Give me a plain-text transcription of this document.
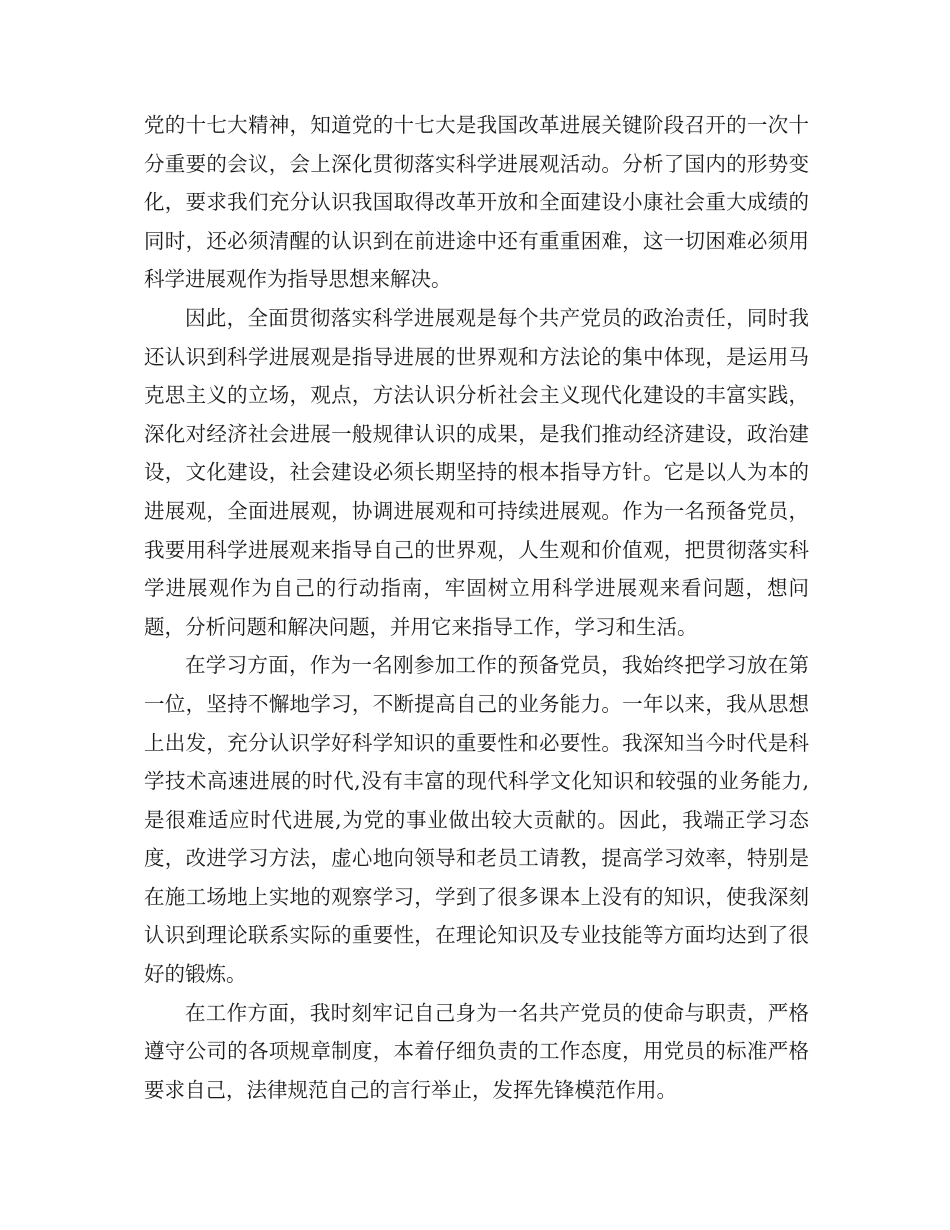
党的十七大精神，知道党的十七大是我国改革进展关键阶段召开的一次十分重要的会议，会上深化贯彻落实科学进展观活动。分析了国内的形势变化，要求我们充分认识我国取得改革开放和全面建设小康社会重大成绩的同时，还必须清醒的认识到在前进途中还有重重困难，这一切困难必须用科学进展观作为指导思想来解决。

因此，全面贯彻落实科学进展观是每个共产党员的政治责任，同时我还认识到科学进展观是指导进展的世界观和方法论的集中体现，是运用马克思主义的立场，观点，方法认识分析社会主义现代化建设的丰富实践，深化对经济社会进展一般规律认识的成果，是我们推动经济建设，政治建设，文化建设，社会建设必须长期坚持的根本指导方针。它是以人为本的进展观，全面进展观，协调进展观和可持续进展观。作为一名预备党员，我要用科学进展观来指导自己的世界观，人生观和价值观，把贯彻落实科学进展观作为自己的行动指南，牢固树立用科学进展观来看问题，想问题，分析问题和解决问题，并用它来指导工作，学习和生活。

在学习方面，作为一名刚参加工作的预备党员，我始终把学习放在第一位，坚持不懈地学习，不断提高自己的业务能力。一年以来，我从思想上出发，充分认识学好科学知识的重要性和必要性。我深知当今时代是科学技术高速进展的时代,没有丰富的现代科学文化知识和较强的业务能力,是很难适应时代进展,为党的事业做出较大贡献的。因此，我端正学习态度，改进学习方法，虚心地向领导和老员工请教，提高学习效率，特别是在施工场地上实地的观察学习，学到了很多课本上没有的知识，使我深刻认识到理论联系实际的重要性，在理论知识及专业技能等方面均达到了很好的锻炼。

在工作方面，我时刻牢记自己身为一名共产党员的使命与职责，严格遵守公司的各项规章制度，本着仔细负责的工作态度，用党员的标准严格要求自己，法律规范自己的言行举止，发挥先锋模范作用。
